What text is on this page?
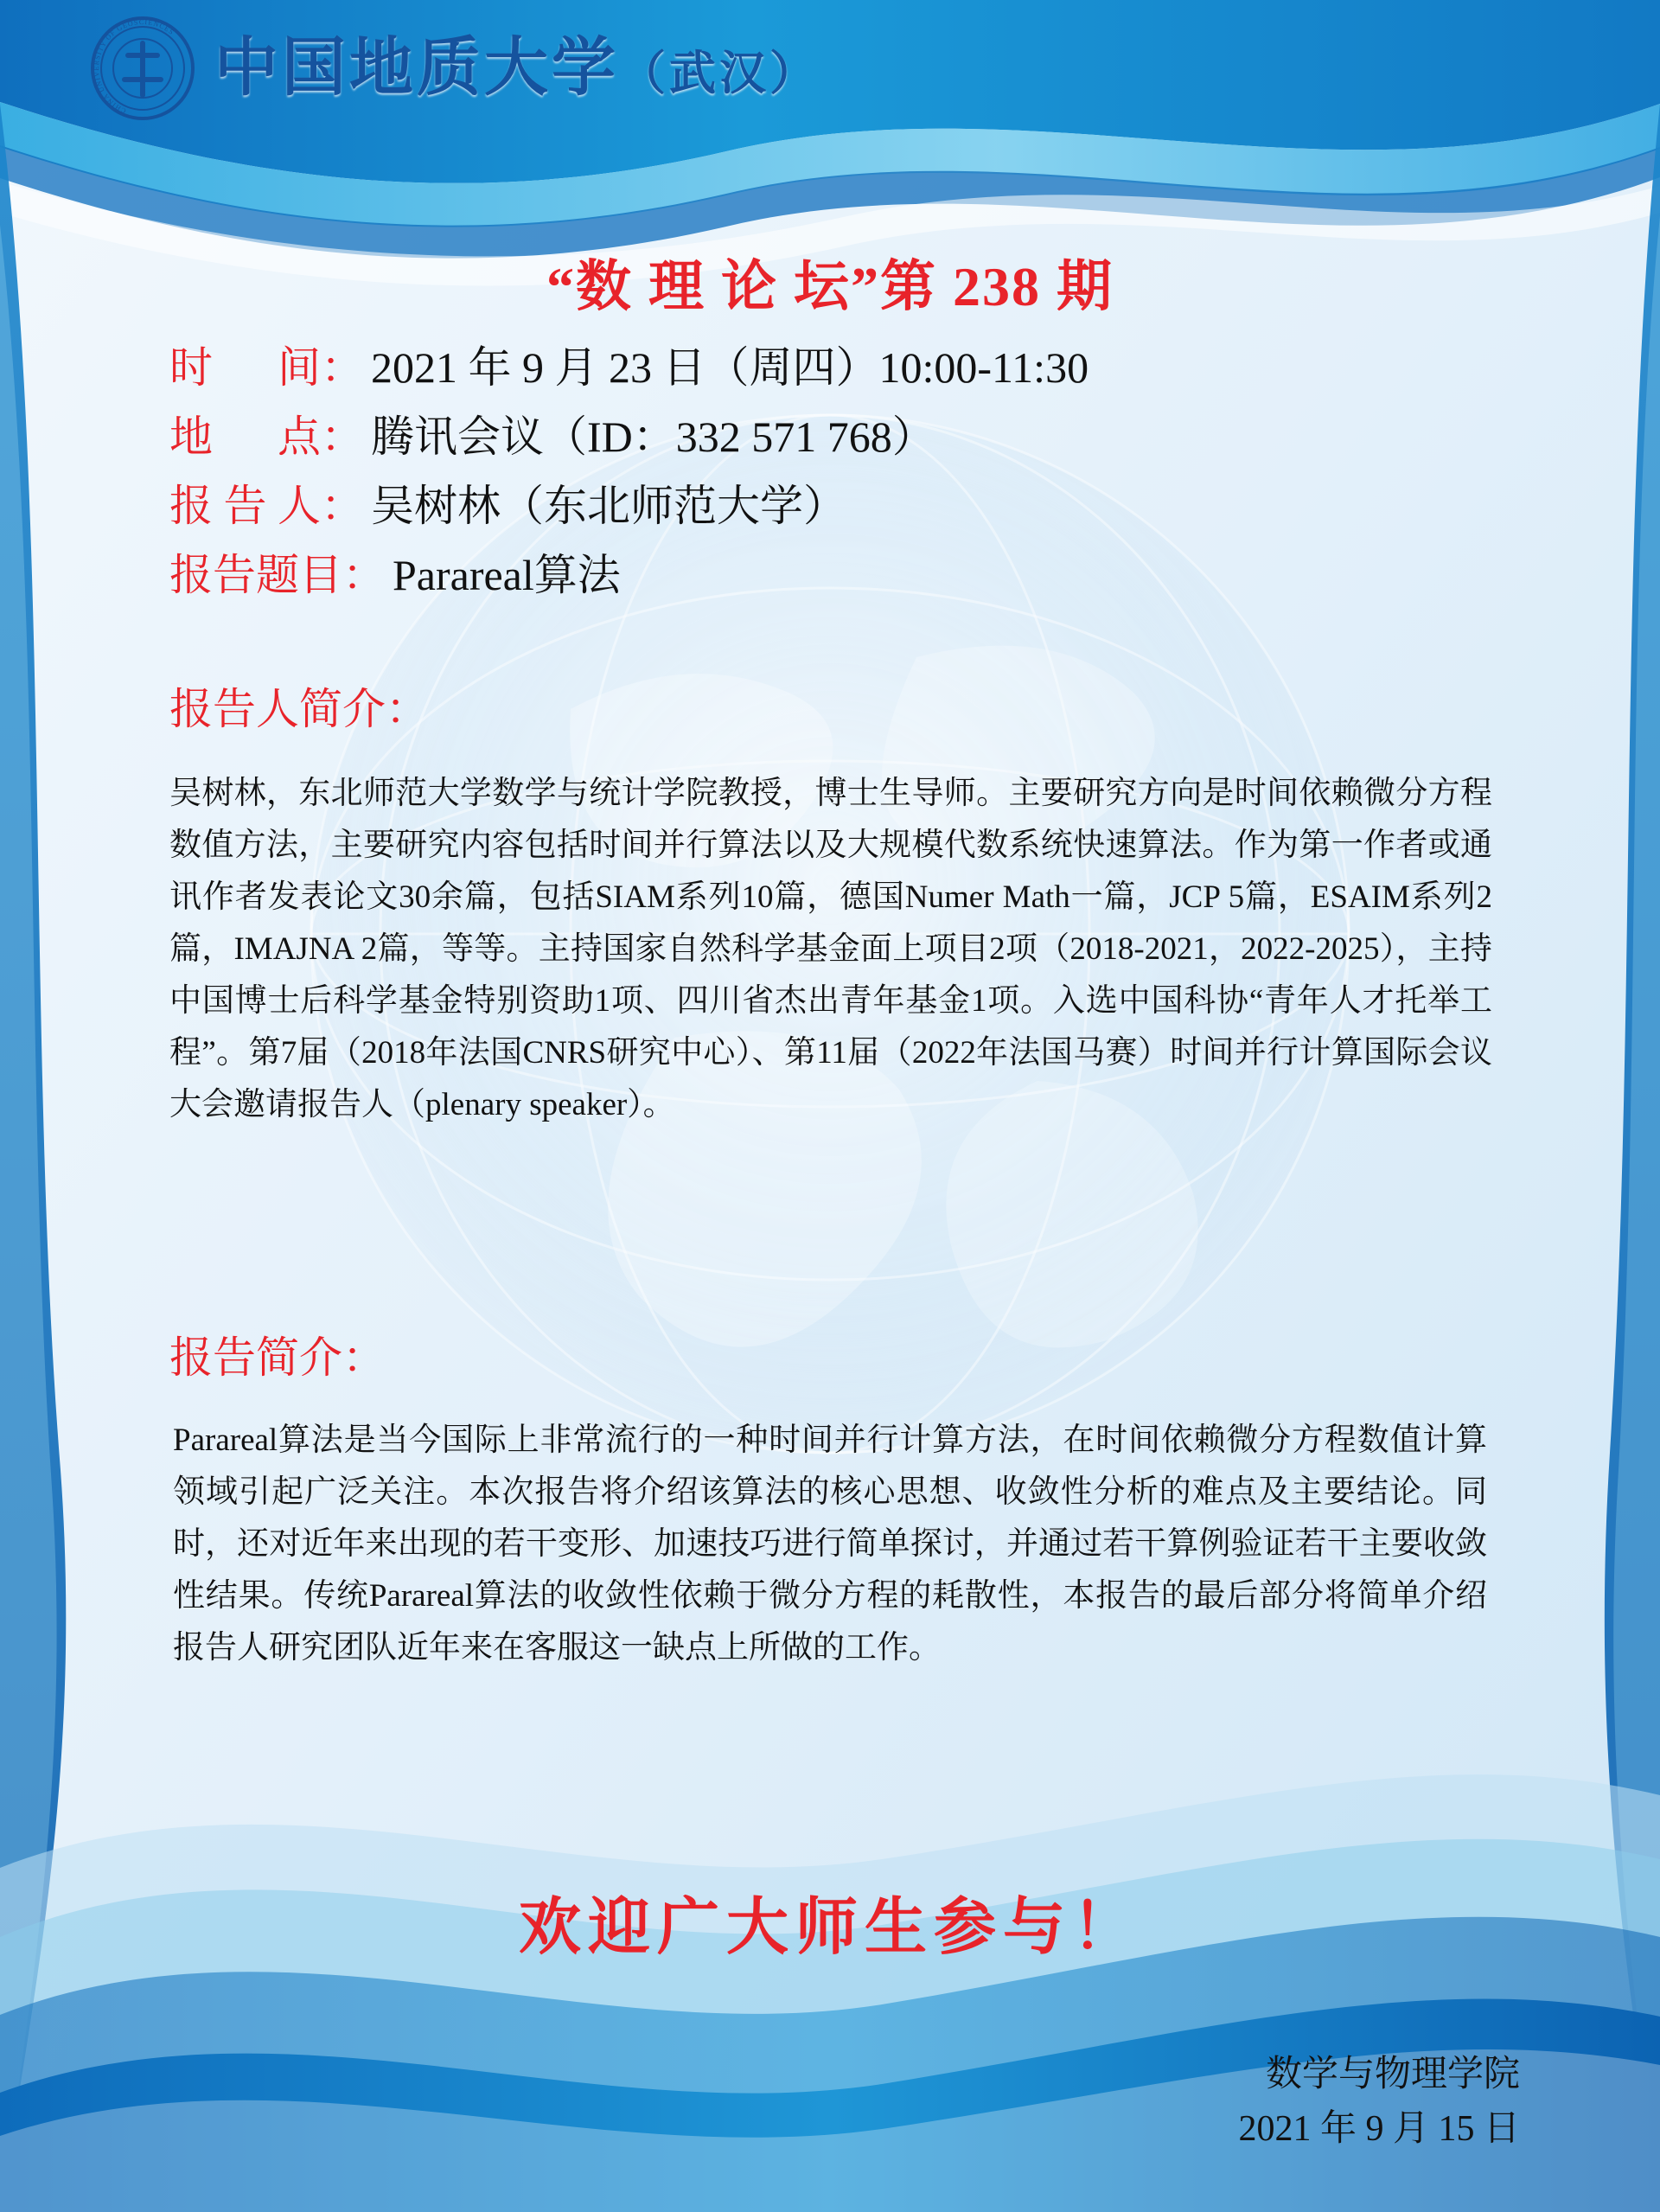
CHINA UNIVERSITY OF GEOSCIENCES
中国地质大学（武汉）
“数 理 论 坛”第 238 期
时　  间： 2021 年 9 月 23 日（周四）10:00-11:30
地　  点： 腾讯会议（ID：332 571 768）
报 告 人： 吴树林（东北师范大学）
报告题目： Parareal算法
报告人简介：
吴树林，东北师范大学数学与统计学院教授，博士生导师。主要研究方向是时间依赖微分方程数值方法，主要研究内容包括时间并行算法以及大规模代数系统快速算法。作为第一作者或通讯作者发表论文30余篇，包括SIAM系列10篇，德国Numer Math一篇，JCP 5篇，ESAIM系列2篇，IMAJNA 2篇，等等。主持国家自然科学基金面上项目2项（2018-2021，2022-2025），主持中国博士后科学基金特别资助1项、四川省杰出青年基金1项。入选中国科协“青年人才托举工程”。第7届（2018年法国CNRS研究中心）、第11届（2022年法国马赛）时间并行计算国际会议大会邀请报告人（plenary speaker）。
报告简介：
Parareal算法是当今国际上非常流行的一种时间并行计算方法，在时间依赖微分方程数值计算领域引起广泛关注。本次报告将介绍该算法的核心思想、收敛性分析的难点及主要结论。同时，还对近年来出现的若干变形、加速技巧进行简单探讨，并通过若干算例验证若干主要收敛性结果。传统Parareal算法的收敛性依赖于微分方程的耗散性，本报告的最后部分将简单介绍报告人研究团队近年来在客服这一缺点上所做的工作。
欢迎广大师生参与！
数学与物理学院
2021 年 9 月 15 日
